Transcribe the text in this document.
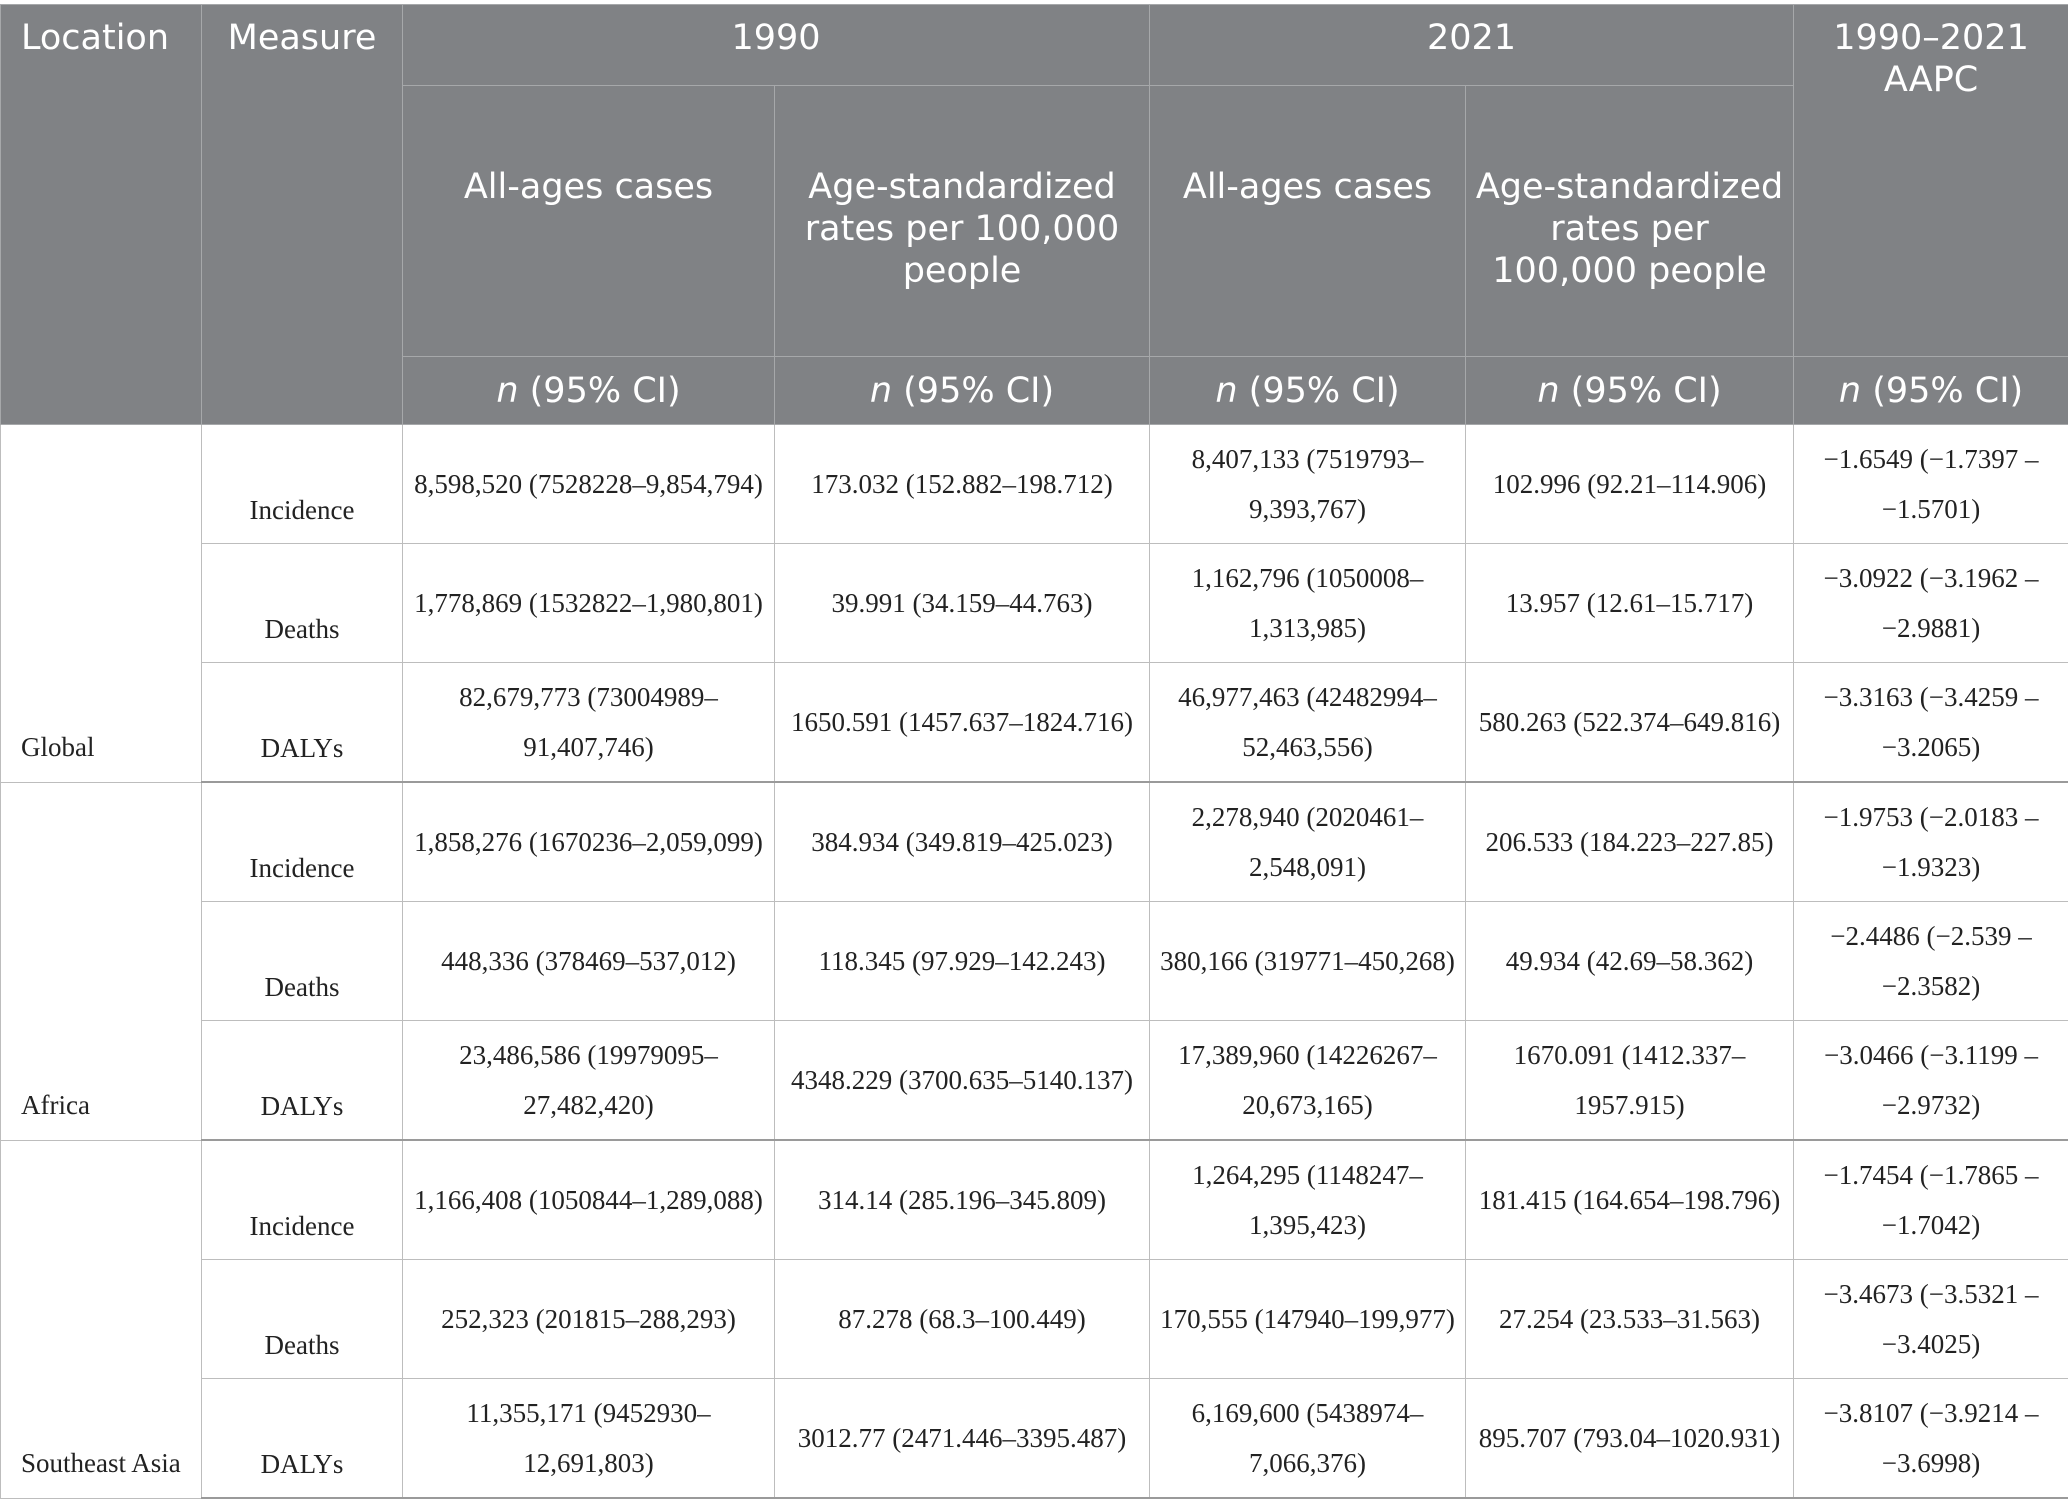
Location	Measure	1990		2021		1990–2021 AAPC
		All-ages cases	Age-standardized rates per 100,000 people	All-ages cases	Age-standardized rates per 100,000 people	
		n (95% CI)	n (95% CI)	n (95% CI)	n (95% CI)	n (95% CI)
Global	Incidence	8,598,520 (7528228–9,854,794)	173.032 (152.882–198.712)	8,407,133 (7519793–9,393,767)	102.996 (92.21–114.906)	−1.6549 (−1.7397 –−1.5701)
	Deaths	1,778,869 (1532822–1,980,801)	39.991 (34.159–44.763)	1,162,796 (1050008–1,313,985)	13.957 (12.61–15.717)	−3.0922 (−3.1962 –−2.9881)
	DALYs	82,679,773 (73004989–91,407,746)	1650.591 (1457.637–1824.716)	46,977,463 (42482994–52,463,556)	580.263 (522.374–649.816)	−3.3163 (−3.4259 –−3.2065)
Africa	Incidence	1,858,276 (1670236–2,059,099)	384.934 (349.819–425.023)	2,278,940 (2020461–2,548,091)	206.533 (184.223–227.85)	−1.9753 (−2.0183 –−1.9323)
	Deaths	448,336 (378469–537,012)	118.345 (97.929–142.243)	380,166 (319771–450,268)	49.934 (42.69–58.362)	−2.4486 (−2.539 –−2.3582)
	DALYs	23,486,586 (19979095–27,482,420)	4348.229 (3700.635–5140.137)	17,389,960 (14226267–20,673,165)	1670.091 (1412.337–1957.915)	−3.0466 (−3.1199 –−2.9732)
Southeast Asia	Incidence	1,166,408 (1050844–1,289,088)	314.14 (285.196–345.809)	1,264,295 (1148247–1,395,423)	181.415 (164.654–198.796)	−1.7454 (−1.7865 –−1.7042)
	Deaths	252,323 (201815–288,293)	87.278 (68.3–100.449)	170,555 (147940–199,977)	27.254 (23.533–31.563)	−3.4673 (−3.5321 –−3.4025)
	DALYs	11,355,171 (9452930–12,691,803)	3012.77 (2471.446–3395.487)	6,169,600 (5438974–7,066,376)	895.707 (793.04–1020.931)	−3.8107 (−3.9214 –−3.6998)
